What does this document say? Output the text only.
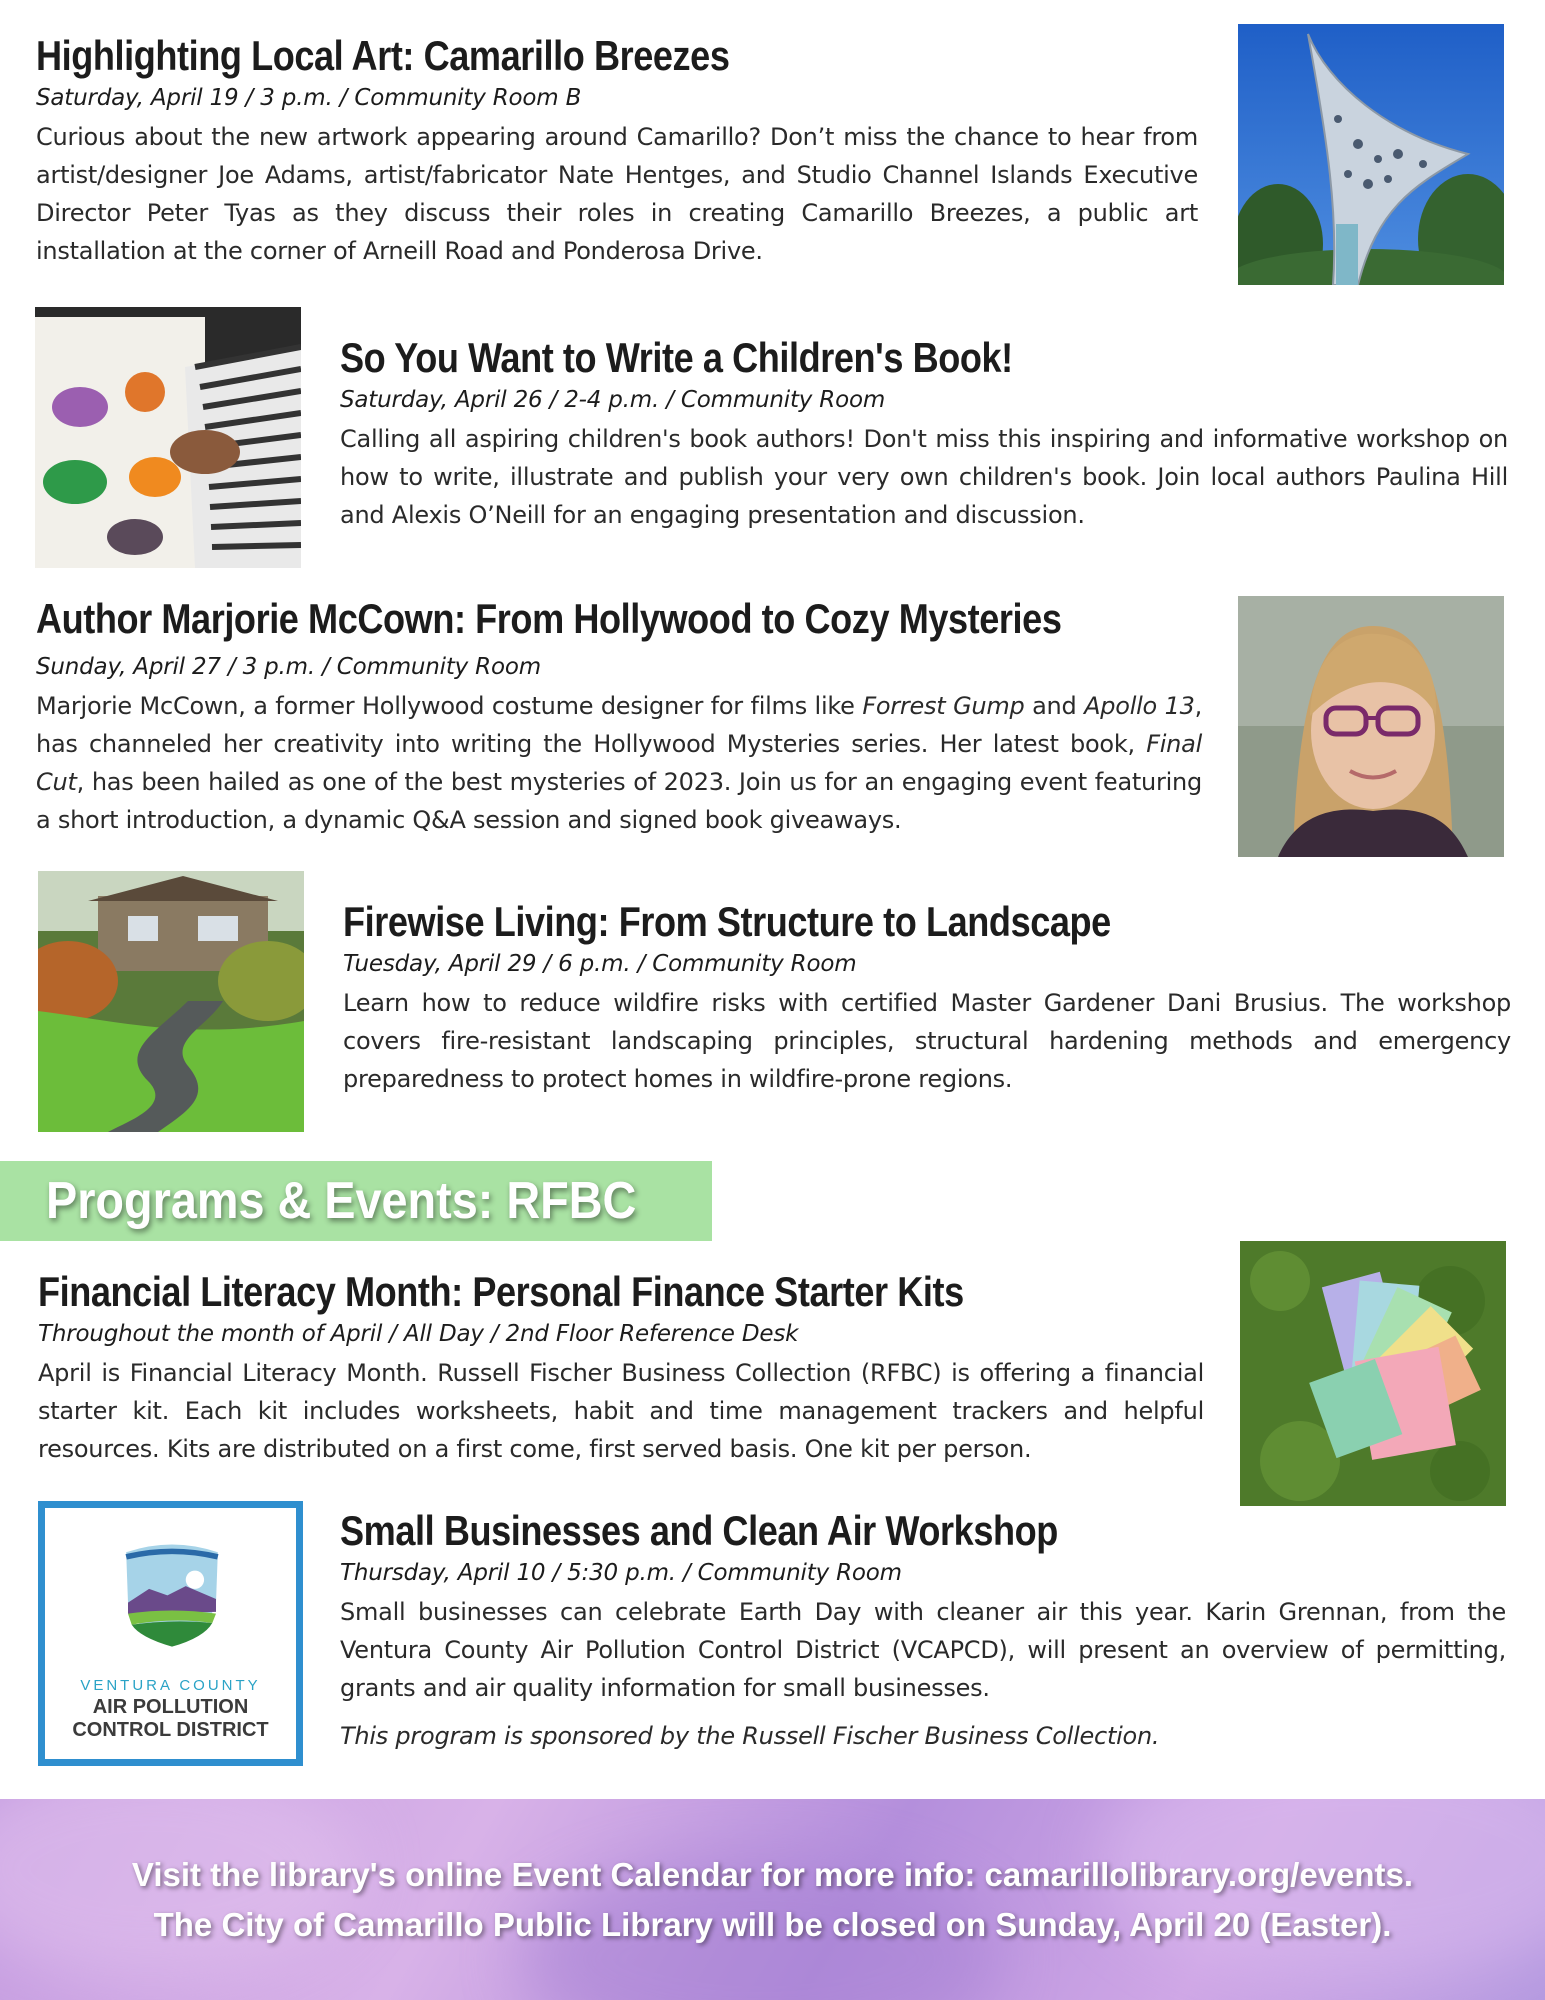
Highlighting Local Art: Camarillo Breezes
Saturday, April 19 / 3 p.m. / Community Room B

Curious about the new artwork appearing around Camarillo? Don’t miss the chance to hear from artist/designer Joe Adams, artist/fabricator Nate Hentges, and Studio Channel Islands Executive Director Peter Tyas as they discuss their roles in creating Camarillo Breezes, a public art installation at the corner of Arneill Road and Ponderosa Drive.

So You Want to Write a Children's Book!
Saturday, April 26 / 2-4 p.m. / Community Room

Calling all aspiring children's book authors! Don't miss this inspiring and informative workshop on how to write, illustrate and publish your very own children's book. Join local authors Paulina Hill and Alexis O’Neill for an engaging presentation and discussion.

Author Marjorie McCown: From Hollywood to Cozy Mysteries
Sunday, April 27 / 3 p.m. / Community Room

Marjorie McCown, a former Hollywood costume designer for films like Forrest Gump and Apollo 13, has channeled her creativity into writing the Hollywood Mysteries series. Her latest book, Final Cut, has been hailed as one of the best mysteries of 2023. Join us for an engaging event featuring a short introduction, a dynamic Q&A session and signed book giveaways.

Firewise Living: From Structure to Landscape
Tuesday, April 29 / 6 p.m. / Community Room

Learn how to reduce wildfire risks with certified Master Gardener Dani Brusius. The workshop covers fire-resistant landscaping principles, structural hardening methods and emergency preparedness to protect homes in wildfire-prone regions.

Programs & Events: RFBC
Financial Literacy Month: Personal Finance Starter Kits
Throughout the month of April / All Day / 2nd Floor Reference Desk

April is Financial Literacy Month. Russell Fischer Business Collection (RFBC) is offering a financial starter kit. Each kit includes worksheets, habit and time management trackers and helpful resources. Kits are distributed on a first come, first served basis. One kit per person.

VENTURA COUNTY
AIR POLLUTION
CONTROL DISTRICT
Small Businesses and Clean Air Workshop
Thursday, April 10 / 5:30 p.m. / Community Room

Small businesses can celebrate Earth Day with cleaner air this year. Karin Grennan, from the Ventura County Air Pollution Control District (VCAPCD), will present an overview of permitting, grants and air quality information for small businesses.

This program is sponsored by the Russell Fischer Business Collection.

Visit the library's online Event Calendar for more info: camarillolibrary.org/events.
The City of Camarillo Public Library will be closed on Sunday, April 20 (Easter).
